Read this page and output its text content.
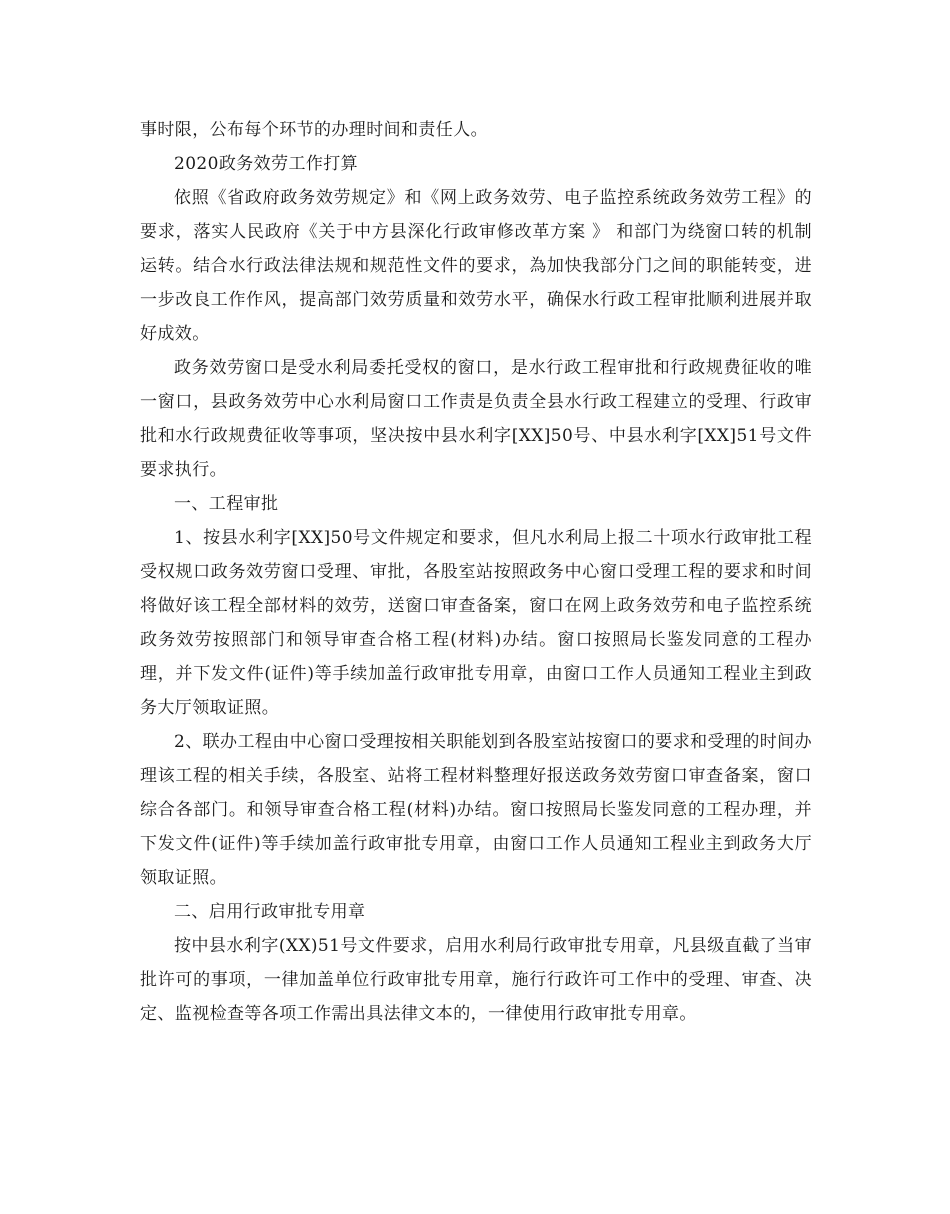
事时限，公布每个环节的办理时间和责任人。

2020政务效劳工作打算

依照《省政府政务效劳规定》和《网上政务效劳、电子监控系统政务效劳工程》的要求，落实人民政府《关于中方县深化行政审修改革方案 》 和部门为绕窗口转的机制运转。结合水行政法律法规和规范性文件的要求，為加快我部分门之间的职能转变，进一步改良工作作风，提高部门效劳质量和效劳水平，确保水行政工程审批顺利进展并取好成效。

政务效劳窗口是受水利局委托受权的窗口，是水行政工程审批和行政规费征收的唯一窗口，县政务效劳中心水利局窗口工作责是负责全县水行政工程建立的受理、行政审批和水行政规费征收等事项，坚决按中县水利字[XX]50号、中县水利字[XX]51号文件要求执行。

一、工程审批

1、按县水利字[XX]50号文件规定和要求，但凡水利局上报二十项水行政审批工程受权规口政务效劳窗口受理、审批，各股室站按照政务中心窗口受理工程的要求和时间将做好该工程全部材料的效劳，送窗口审查备案，窗口在网上政务效劳和电子监控系统政务效劳按照部门和领导审查合格工程(材料)办结。窗口按照局长鉴发同意的工程办理，并下发文件(证件)等手续加盖行政审批专用章，由窗口工作人员通知工程业主到政务大厅领取证照。

2、联办工程由中心窗口受理按相关职能划到各股室站按窗口的要求和受理的时间办理该工程的相关手续，各股室、站将工程材料整理好报送政务效劳窗口审查备案，窗口综合各部门。和领导审查合格工程(材料)办结。窗口按照局长鉴发同意的工程办理，并下发文件(证件)等手续加盖行政审批专用章，由窗口工作人员通知工程业主到政务大厅领取证照。

二、启用行政审批专用章

按中县水利字(XX)51号文件要求，启用水利局行政审批专用章，凡县级直截了当审批许可的事项，一律加盖单位行政审批专用章，施行行政许可工作中的受理、审查、决定、监视检查等各项工作需出具法律文本的，一律使用行政审批专用章。
